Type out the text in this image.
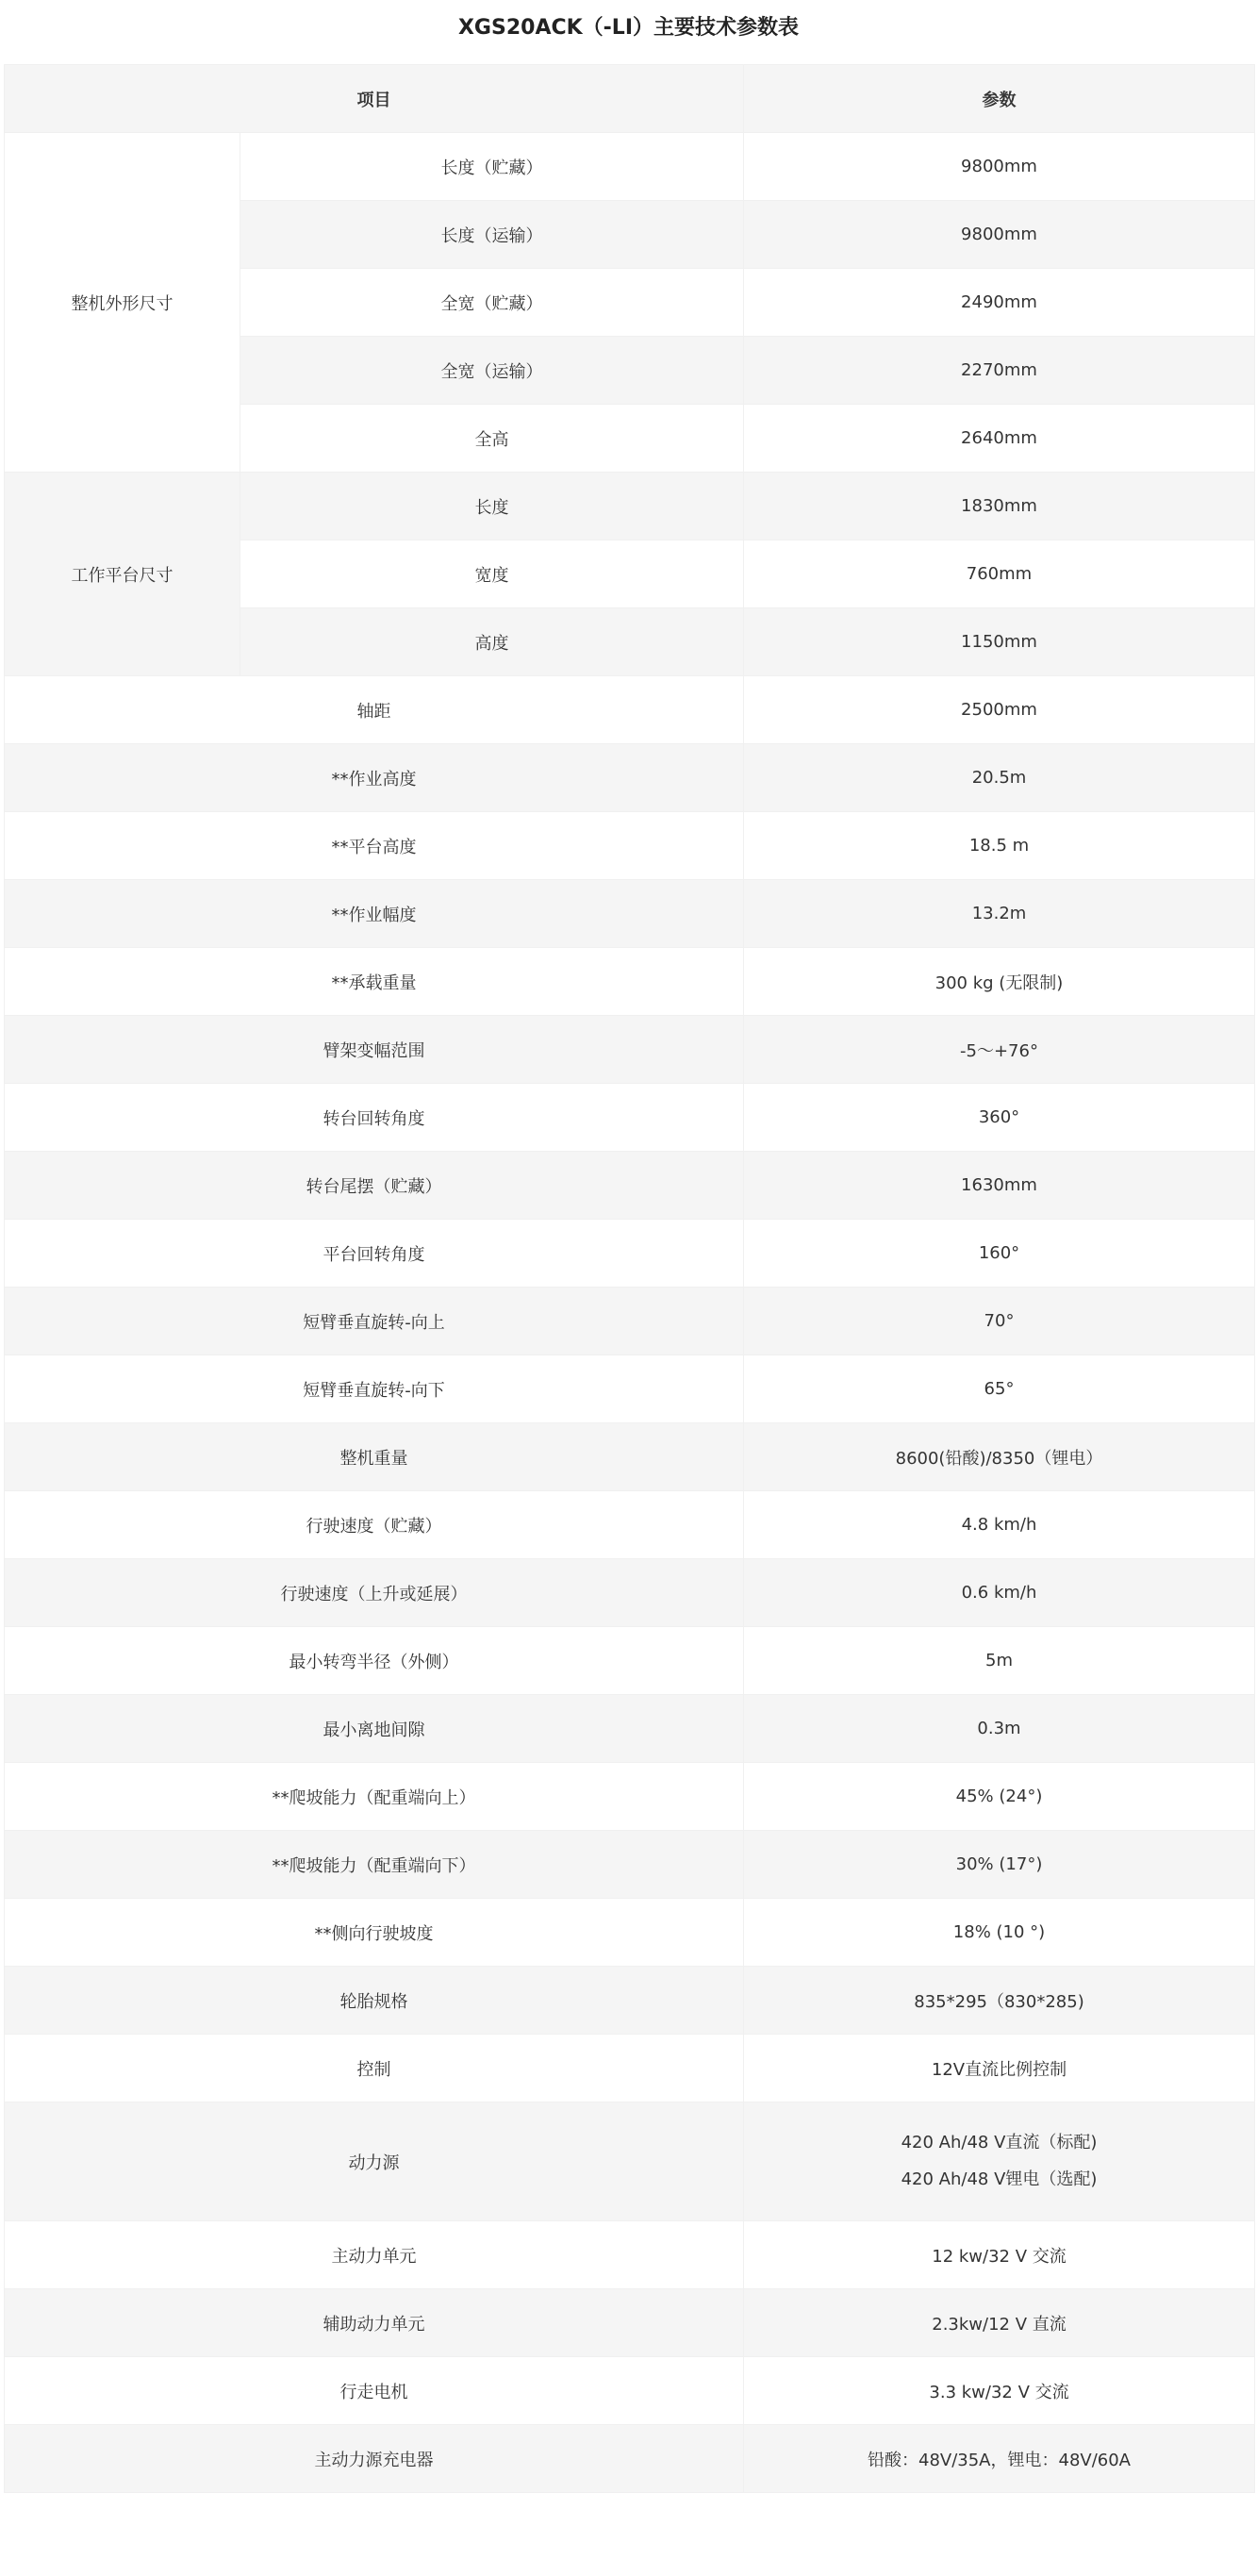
XGS20ACK（-LI）主要技术参数表
项目		参数
整机外形尺寸	长度（贮藏）	9800mm
	长度（运输）	9800mm
	全宽（贮藏）	2490mm
	全宽（运输）	2270mm
	全高	2640mm
工作平台尺寸	长度	1830mm
	宽度	760mm
	高度	1150mm
轴距		2500mm
**作业高度		20.5m
**平台高度		18.5 m
**作业幅度		13.2m
**承载重量		300 kg (无限制)
臂架变幅范围		-5～+76°
转台回转角度		360°
转台尾摆（贮藏）		1630mm
平台回转角度		160°
短臂垂直旋转-向上		70°
短臂垂直旋转-向下		65°
整机重量		8600(铅酸)/8350（锂电）
行驶速度（贮藏）		4.8 km/h
行驶速度（上升或延展）		0.6 km/h
最小转弯半径（外侧）		5m
最小离地间隙		0.3m
**爬坡能力（配重端向上）		45% (24°)
**爬坡能力（配重端向下）		30% (17°)
**侧向行驶坡度		18% (10 °)
轮胎规格		835*295（830*285)
控制		12V直流比例控制
动力源		420 Ah/48 V直流（标配)
420 Ah/48 V锂电（选配)

主动力单元		12 kw/32 V 交流
辅助动力单元		2.3kw/12 V 直流
行走电机		3.3 kw/32 V 交流
主动力源充电器		铅酸：48V/35A，锂电：48V/60A
